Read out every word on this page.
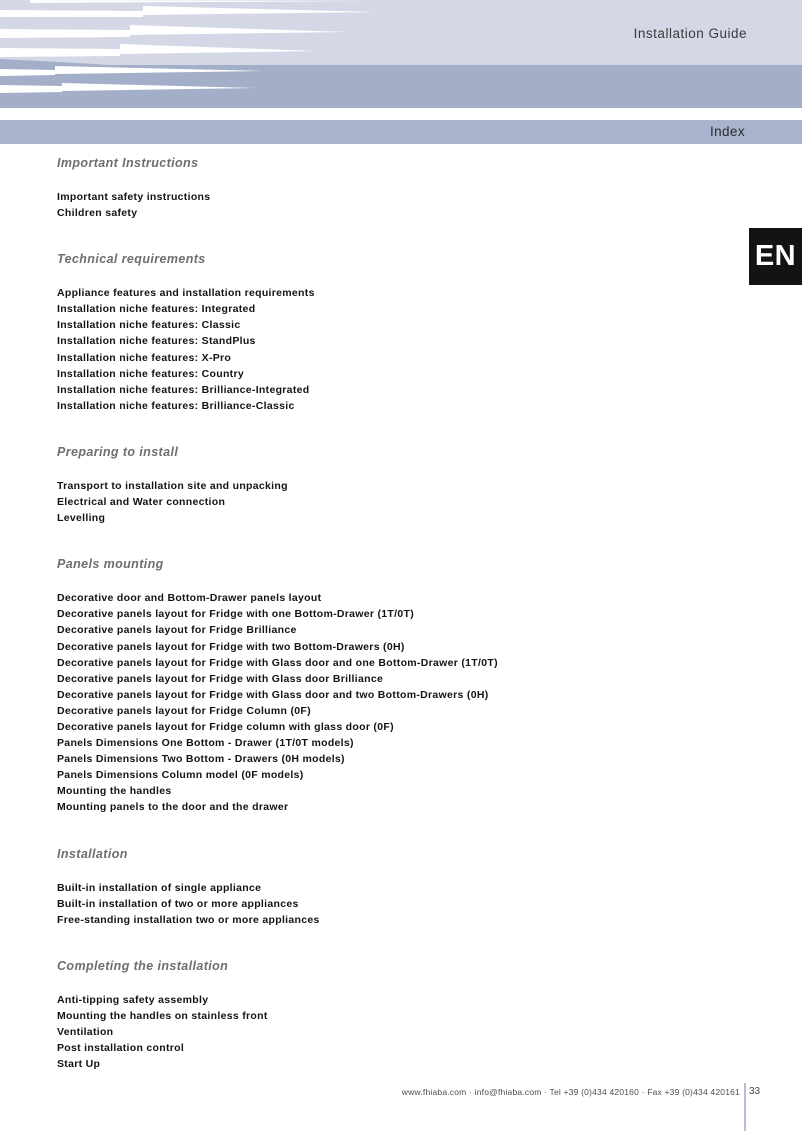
Installation Guide
Index
EN
Important Instructions
Important safety instructions
Children safety
Technical requirements
Appliance features and installation requirements
Installation niche features: Integrated
Installation niche features: Classic
Installation niche features: StandPlus
Installation niche features: X-Pro
Installation niche features: Country
Installation niche features: Brilliance-Integrated
Installation niche features: Brilliance-Classic
Preparing to install
Transport to installation site and unpacking
Electrical and Water connection
Levelling
Panels mounting
Decorative door and Bottom-Drawer panels layout
Decorative panels layout for Fridge with one Bottom-Drawer (1T/0T)
Decorative panels layout for Fridge Brilliance
Decorative panels layout for Fridge with two Bottom-Drawers (0H)
Decorative panels layout for Fridge with Glass door and one Bottom-Drawer (1T/0T)
Decorative panels layout for Fridge with Glass door Brilliance
Decorative panels layout for Fridge with Glass door and two Bottom-Drawers (0H)
Decorative panels layout for Fridge Column (0F)
Decorative panels layout for Fridge column with glass door (0F)
Panels Dimensions One Bottom - Drawer (1T/0T models)
Panels Dimensions Two Bottom - Drawers (0H models)
Panels Dimensions Column model (0F models)
Mounting the handles
Mounting panels to the door and the drawer
Installation
Built-in installation of single appliance
Built-in installation of two or more appliances
Free-standing installation two or more appliances
Completing the installation
Anti-tipping safety assembly
Mounting the handles on stainless front
Ventilation
Post installation control
Start Up
www.fhiaba.com · info@fhiaba.com · Tel +39 (0)434 420160 · Fax +39 (0)434 420161 33
